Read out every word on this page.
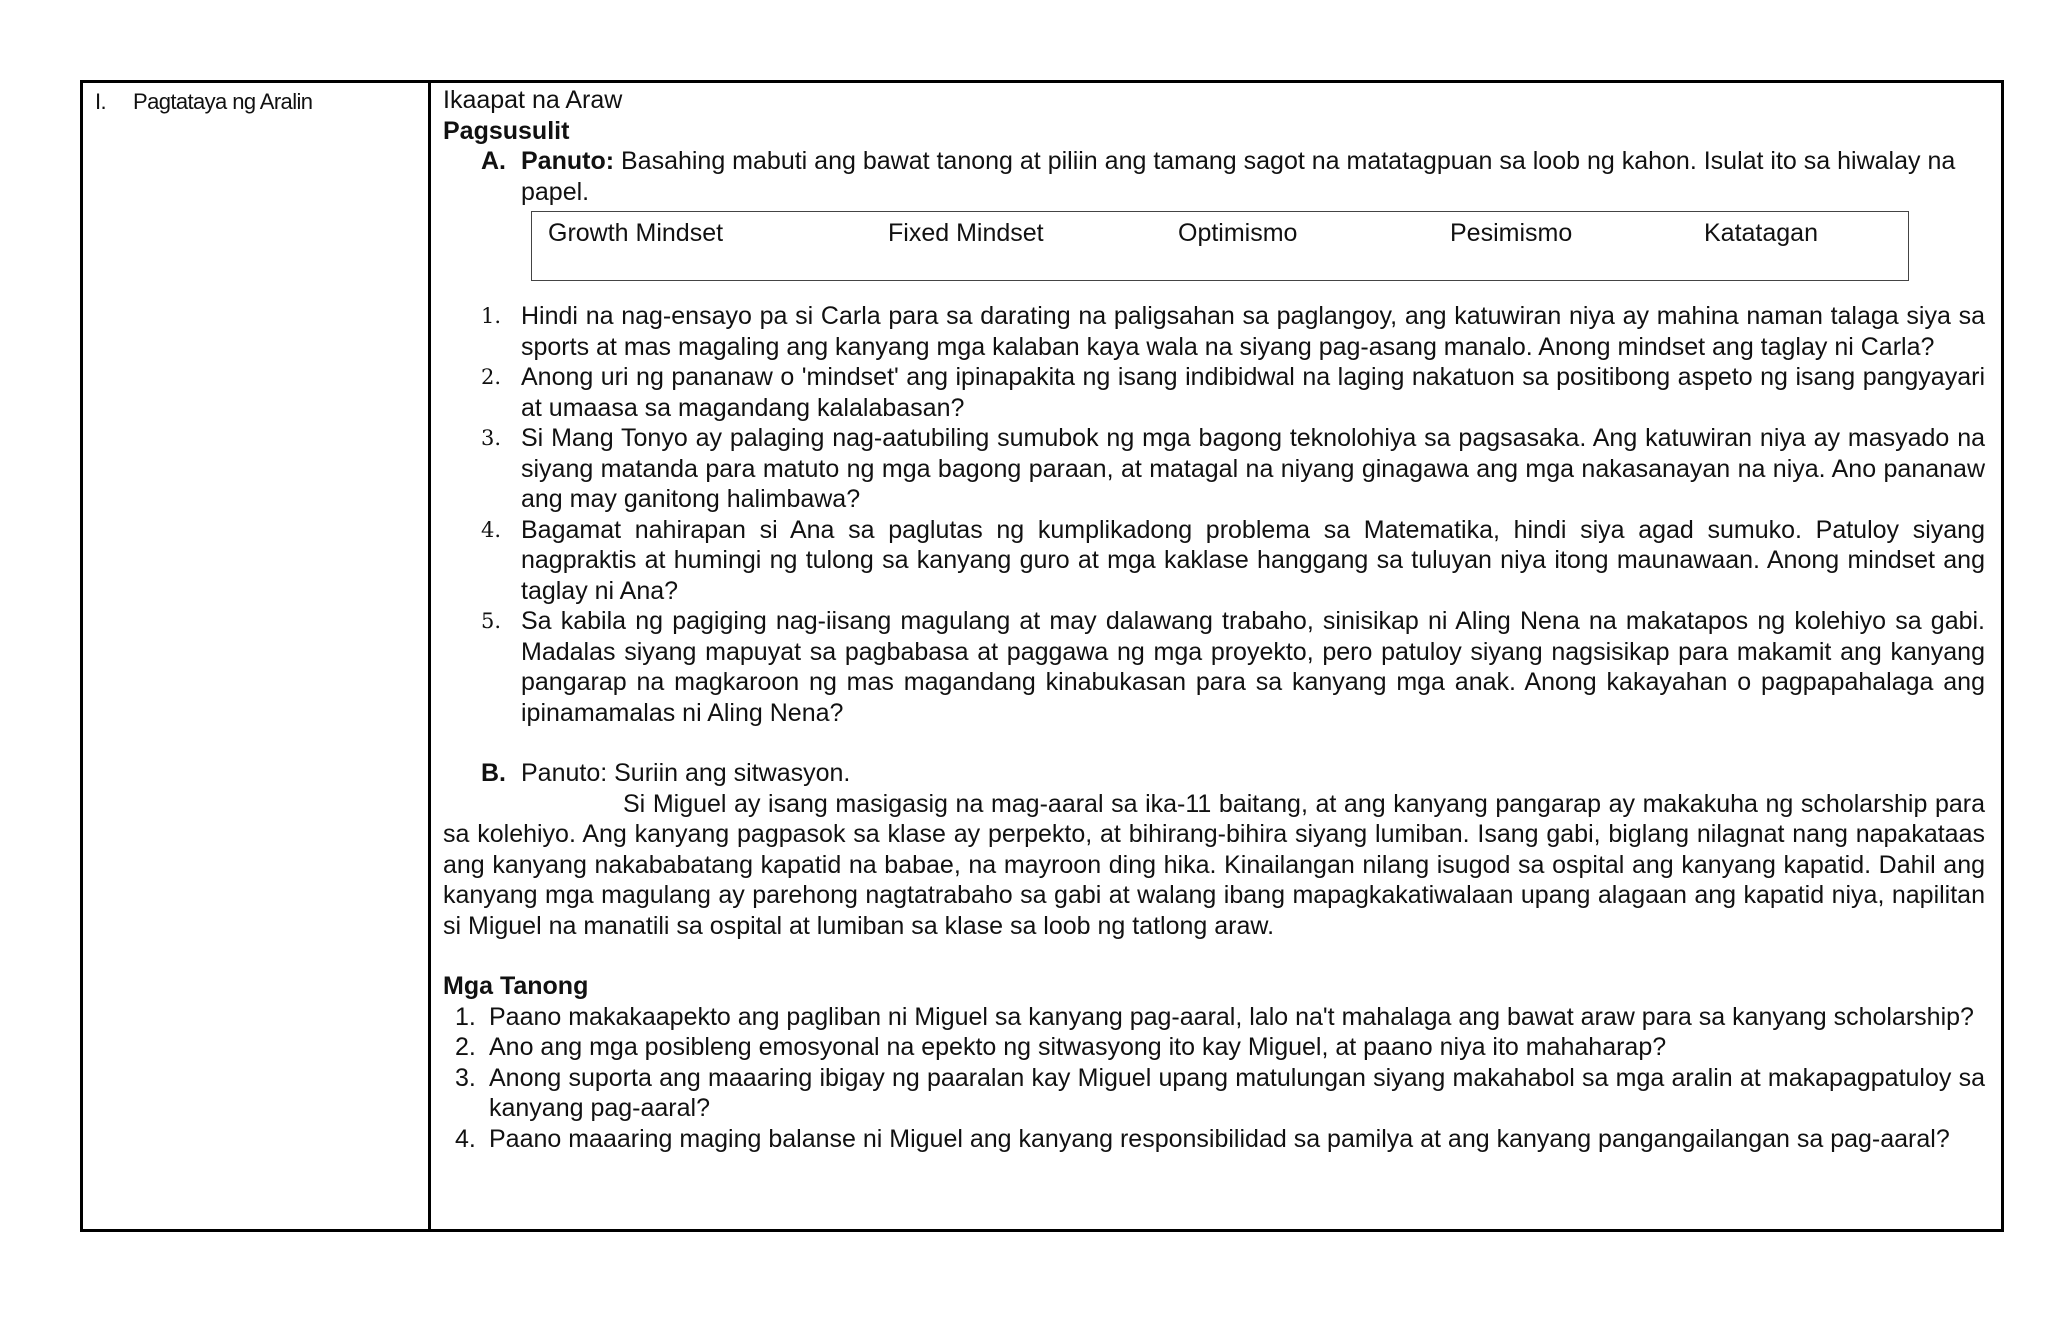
I. Pagtataya ng Aralin	Ikaapat na Araw
Pagsusulit
A. Panuto: Basahing mabuti ang bawat tanong at piliin ang tamang sagot na matatagpuan sa loob ng kahon. Isulat ito sa hiwalay na papel.
Growth Mindset	Fixed Mindset	Optimismo	Pesimismo	Katatagan
1. Hindi na nag-ensayo pa si Carla para sa darating na paligsahan sa paglangoy, ang katuwiran niya ay mahina naman talaga siya sa sports at mas magaling ang kanyang mga kalaban kaya wala na siyang pag-asang manalo. Anong mindset ang taglay ni Carla?
2. Anong uri ng pananaw o 'mindset' ang ipinapakita ng isang indibidwal na laging nakatuon sa positibong aspeto ng isang pangyayari at umaasa sa magandang kalalabasan?
3. Si Mang Tonyo ay palaging nag-aatubiling sumubok ng mga bagong teknolohiya sa pagsasaka. Ang katuwiran niya ay masyado na siyang matanda para matuto ng mga bagong paraan, at matagal na niyang ginagawa ang mga nakasanayan na niya. Ano pananaw ang may ganitong halimbawa?
4. Bagamat nahirapan si Ana sa paglutas ng kumplikadong problema sa Matematika, hindi siya agad sumuko. Patuloy siyang nagpraktis at humingi ng tulong sa kanyang guro at mga kaklase hanggang sa tuluyan niya itong maunawaan. Anong mindset ang taglay ni Ana?
5. Sa kabila ng pagiging nag-iisang magulang at may dalawang trabaho, sinisikap ni Aling Nena na makatapos ng kolehiyo sa gabi. Madalas siyang mapuyat sa pagbabasa at paggawa ng mga proyekto, pero patuloy siyang nagsisikap para makamit ang kanyang pangarap na magkaroon ng mas magandang kinabukasan para sa kanyang mga anak. Anong kakayahan o pagpapahalaga ang ipinamamalas ni Aling Nena?
B. Panuto: Suriin ang sitwasyon.
Si Miguel ay isang masigasig na mag-aaral sa ika-11 baitang, at ang kanyang pangarap ay makakuha ng scholarship para sa kolehiyo. Ang kanyang pagpasok sa klase ay perpekto, at bihirang-bihira siyang lumiban. Isang gabi, biglang nilagnat nang napakataas ang kanyang nakababatang kapatid na babae, na mayroon ding hika. Kinailangan nilang isugod sa ospital ang kanyang kapatid. Dahil ang kanyang mga magulang ay parehong nagtatrabaho sa gabi at walang ibang mapagkakatiwalaan upang alagaan ang kapatid niya, napilitan si Miguel na manatili sa ospital at lumiban sa klase sa loob ng tatlong araw.
Mga Tanong
1. Paano makakaapekto ang pagliban ni Miguel sa kanyang pag-aaral, lalo na't mahalaga ang bawat araw para sa kanyang scholarship?
2. Ano ang mga posibleng emosyonal na epekto ng sitwasyong ito kay Miguel, at paano niya ito mahaharap?
3. Anong suporta ang maaaring ibigay ng paaralan kay Miguel upang matulungan siyang makahabol sa mga aralin at makapagpatuloy sa kanyang pag-aaral?
4. Paano maaaring maging balanse ni Miguel ang kanyang responsibilidad sa pamilya at ang kanyang pangangailangan sa pag-aaral?
